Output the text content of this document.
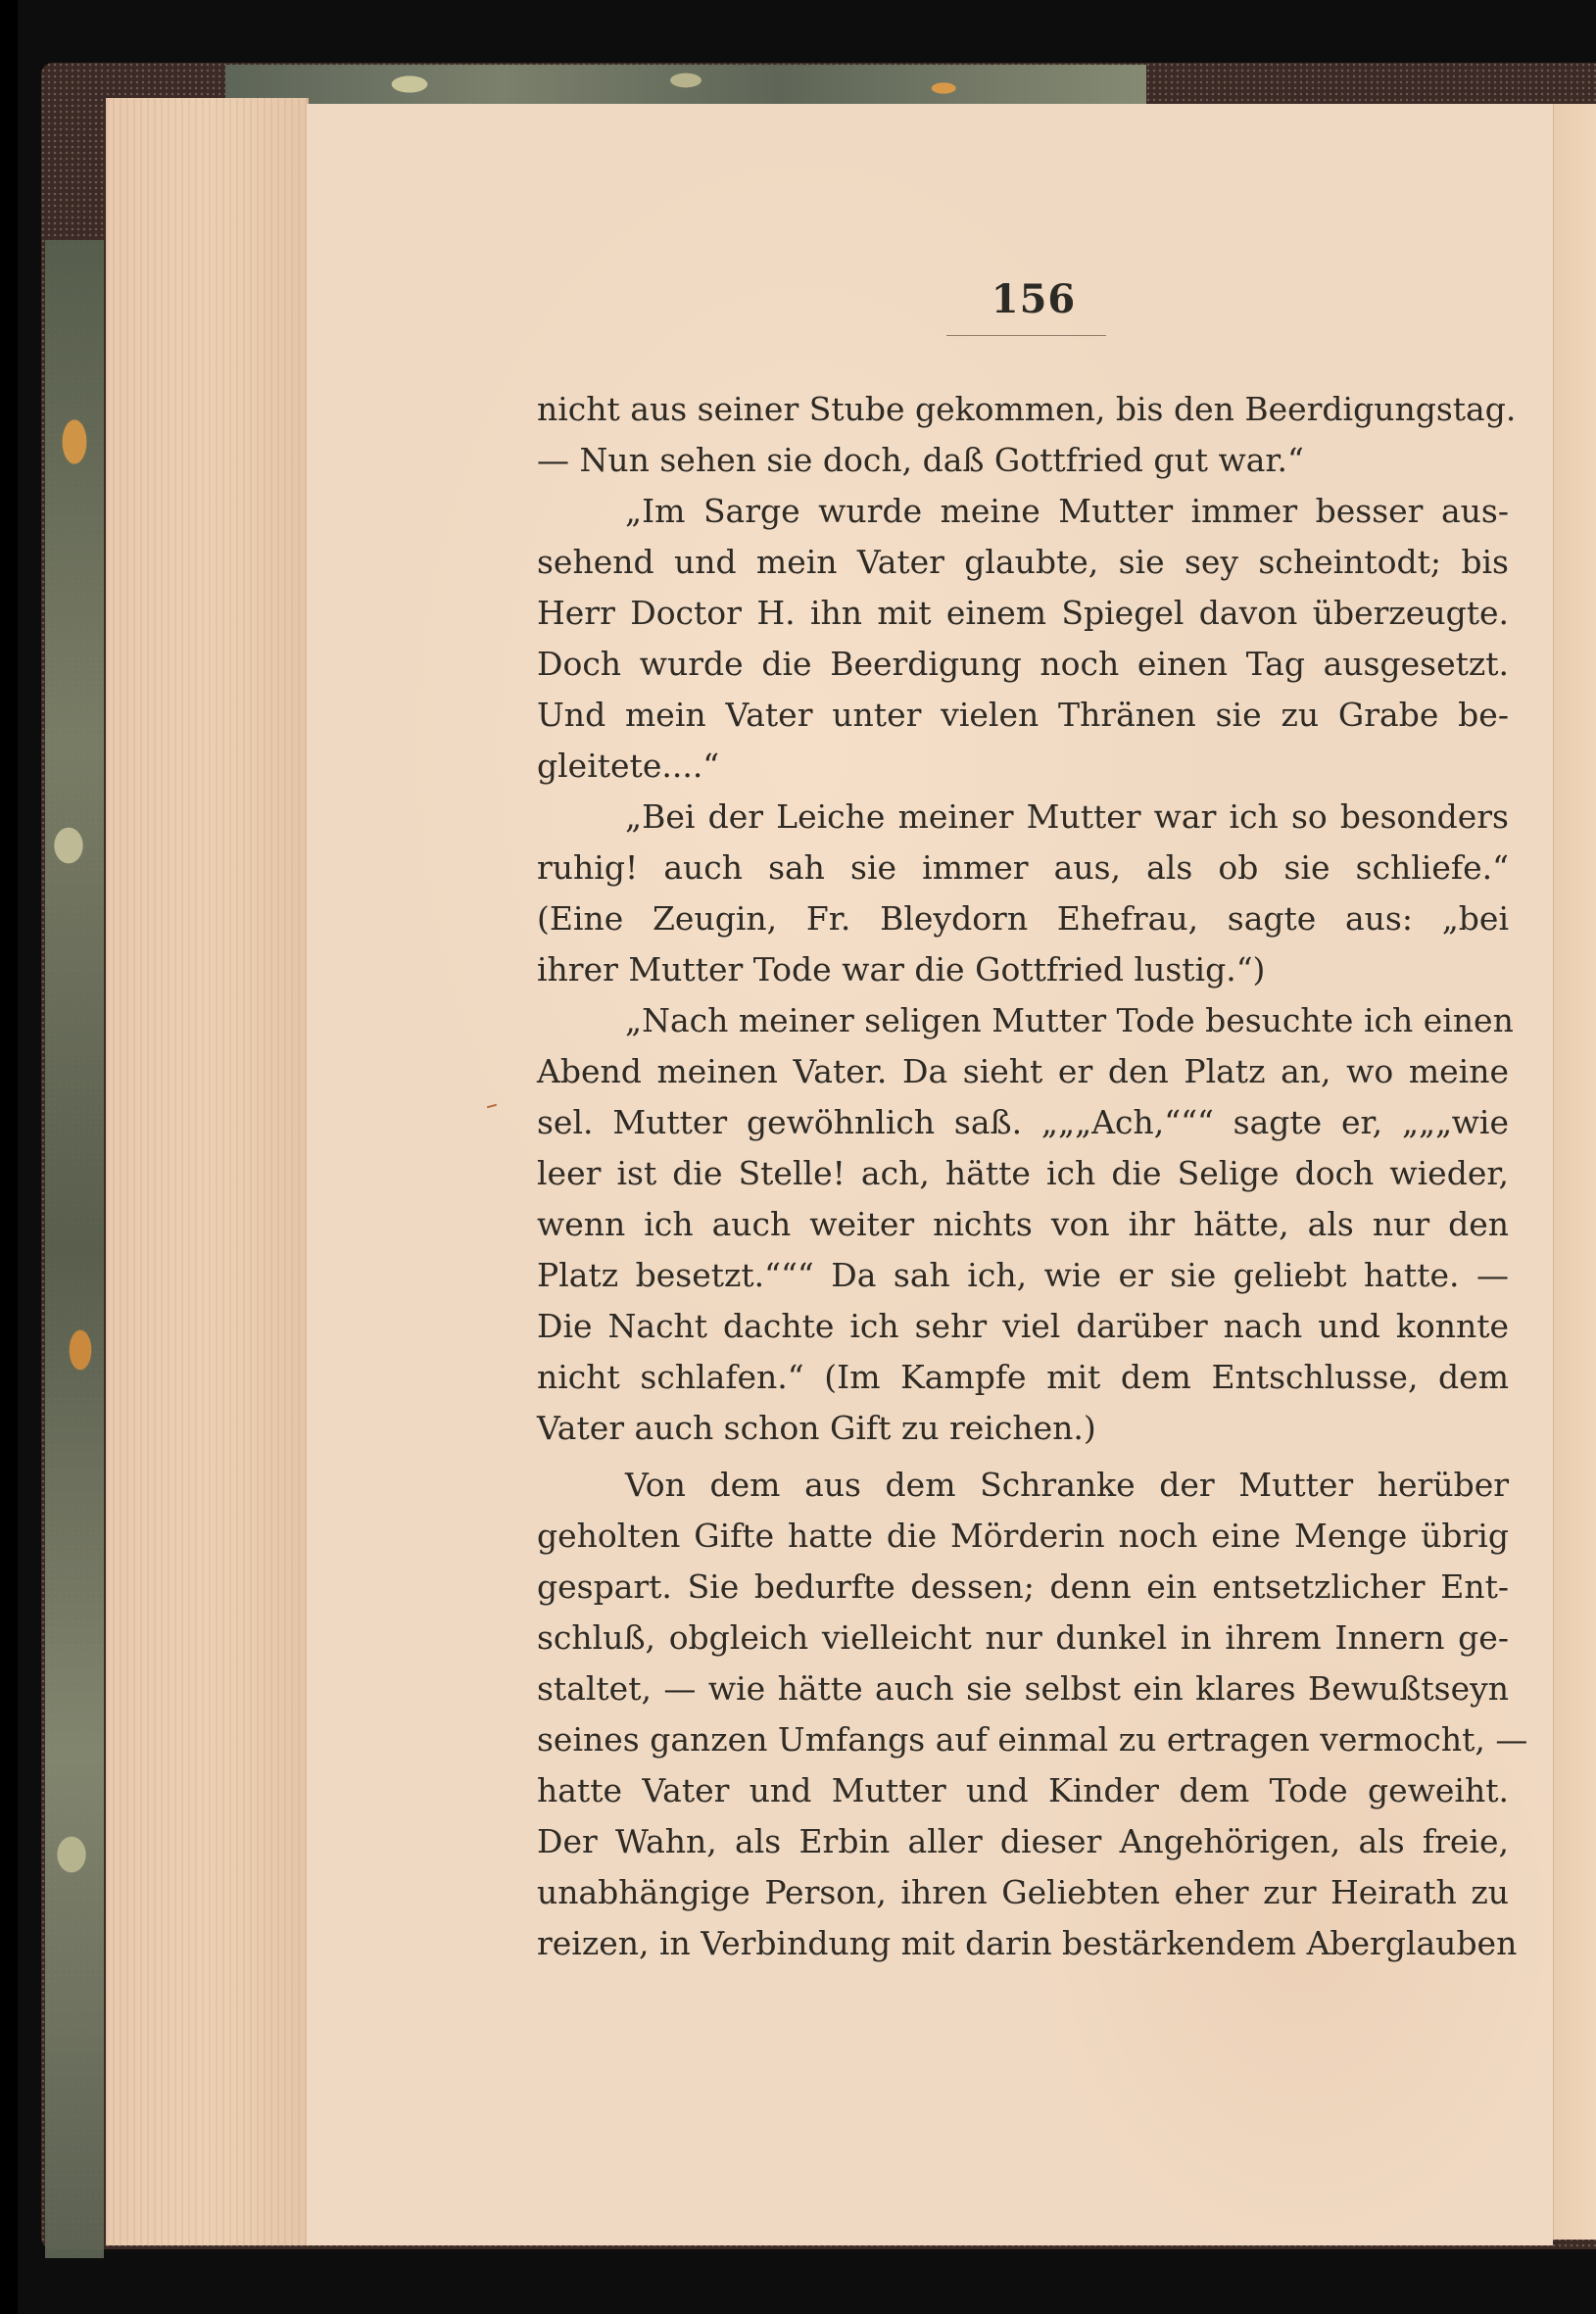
156
nicht aus seiner Stube gekommen, bis den Beerdigungstag.
— Nun sehen sie doch, daß Gottfried gut war.“
„Im Sarge wurde meine Mutter immer besser aus-
sehend und mein Vater glaubte, sie sey scheintodt; bis
Herr Doctor H. ihn mit einem Spiegel davon überzeugte.
Doch wurde die Beerdigung noch einen Tag ausgesetzt.
Und mein Vater unter vielen Thränen sie zu Grabe be-
gleitete....“
„Bei der Leiche meiner Mutter war ich so besonders
ruhig! auch sah sie immer aus, als ob sie schliefe.“
(Eine Zeugin, Fr. Bleydorn Ehefrau, sagte aus: „bei
ihrer Mutter Tode war die Gottfried lustig.“)
„Nach meiner seligen Mutter Tode besuchte ich einen
Abend meinen Vater. Da sieht er den Platz an, wo meine
sel. Mutter gewöhnlich saß. „„„Ach,“““ sagte er, „„„wie
leer ist die Stelle! ach, hätte ich die Selige doch wieder,
wenn ich auch weiter nichts von ihr hätte, als nur den
Platz besetzt.“““ Da sah ich, wie er sie geliebt hatte. —
Die Nacht dachte ich sehr viel darüber nach und konnte
nicht schlafen.“ (Im Kampfe mit dem Entschlusse, dem
Vater auch schon Gift zu reichen.)
Von dem aus dem Schranke der Mutter herüber
geholten Gifte hatte die Mörderin noch eine Menge übrig
gespart. Sie bedurfte dessen; denn ein entsetzlicher Ent-
schluß, obgleich vielleicht nur dunkel in ihrem Innern ge-
staltet, — wie hätte auch sie selbst ein klares Bewußtseyn
seines ganzen Umfangs auf einmal zu ertragen vermocht, —
hatte Vater und Mutter und Kinder dem Tode geweiht.
Der Wahn, als Erbin aller dieser Angehörigen, als freie,
unabhängige Person, ihren Geliebten eher zur Heirath zu
reizen, in Verbindung mit darin bestärkendem Aberglauben
